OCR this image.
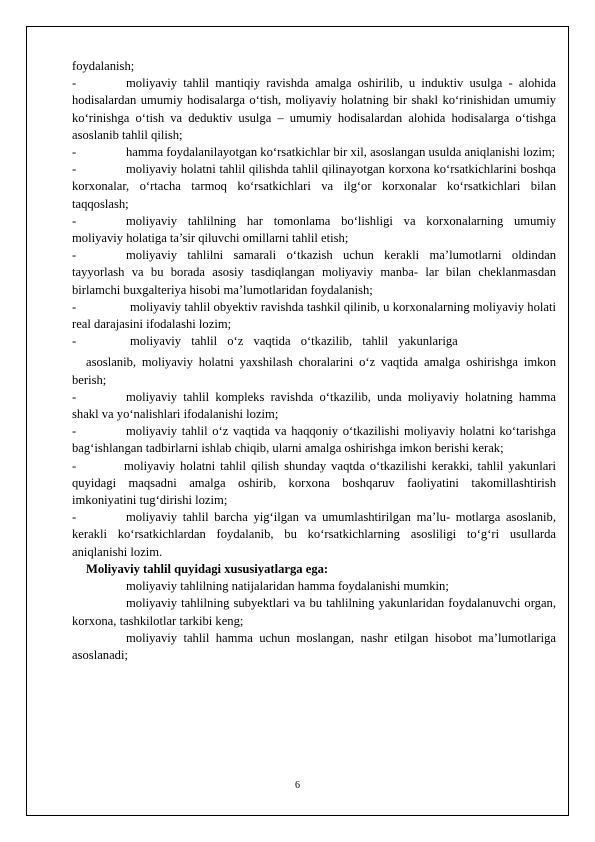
foydalanish;

-	moliyaviy tahlil mantiqiy ravishda amalga oshirilib, u induktiv usulga - alohida hodisalardan umumiy hodisalarga o‘tish, moliyaviy holatning bir shakl ko‘rinishidan umumiy ko‘rinishga o‘tish va deduktiv usulga – umumiy hodisalardan alohida hodisalarga o‘tishga asoslanib tahlil qilish;

-	hamma foydalanilayotgan ko‘rsatkichlar bir xil, asoslangan usulda aniqlanishi lozim;

-	moliyaviy holatni tahlil qilishda tahlil qilinayotgan korxona ko‘rsatkichlarini boshqa korxonalar, o‘rtacha tarmoq ko‘rsatkichlari va ilg‘or korxonalar ko‘rsatkichlari bilan taqqoslash;

-	moliyaviy tahlilning har tomonlama bo‘lishligi va korxonalarning umumiy moliyaviy holatiga ta’sir qiluvchi omillarni tahlil etish;

-	moliyaviy tahlilni samarali o‘tkazish uchun kerakli ma’lumotlarni oldindan tayyorlash va bu borada asosiy tasdiqlangan moliyaviy manba- lar bilan cheklanmasdan birlamchi buxgalteriya hisobi ma’lumotlaridan foydalanish;

-	moliyaviy tahlil obyektiv ravishda tashkil qilinib, u korxonalarning moliyaviy holati real darajasini ifodalashi lozim;

-	moliyaviy tahlil o‘z vaqtida o‘tkazilib, tahlil yakunlariga

asoslanib, moliyaviy holatni yaxshilash choralarini o‘z vaqtida amalga oshirishga imkon berish;

-	moliyaviy tahlil kompleks ravishda o‘tkazilib, unda moliyaviy holatning hamma shakl va yo‘nalishlari ifodalanishi lozim;

-	moliyaviy tahlil o‘z vaqtida va haqqoniy o‘tkazilishi moliyaviy holatni ko‘tarishga bag‘ishlangan tadbirlarni ishlab chiqib, ularni amalga oshirishga imkon berishi kerak;

-	moliyaviy holatni tahlil qilish shunday vaqtda o‘tkazilishi kerakki, tahlil yakunlari quyidagi maqsadni amalga oshirib, korxona boshqaruv faoliyatini takomillashtirish imkoniyatini tug‘dirishi lozim;

-	moliyaviy tahlil barcha yig‘ilgan va umumlashtirilgan ma’lu- motlarga asoslanib, kerakli ko‘rsatkichlardan foydalanib, bu ko‘rsatkichlarning asosliligi to‘g‘ri usullarda aniqlanishi lozim.

Moliyaviy tahlil quyidagi xususiyatlarga ega:

moliyaviy tahlilning natijalaridan hamma foydalanishi mumkin;

moliyaviy tahlilning subyektlari va bu tahlilning yakunlaridan foydalanuvchi organ, korxona, tashkilotlar tarkibi keng;

moliyaviy tahlil hamma uchun moslangan, nashr etilgan hisobot ma’lumotlariga asoslanadi;

6
